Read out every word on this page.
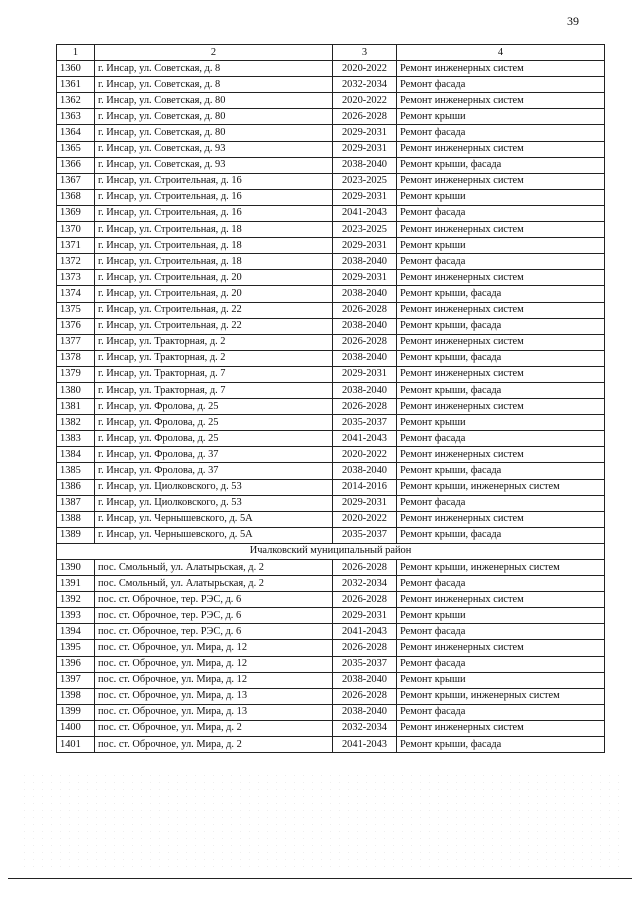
39
1	2	3	4
1360	г. Инсар, ул. Советская, д. 8	2020-2022	Ремонт инженерных систем
1361	г. Инсар, ул. Советская, д. 8	2032-2034	Ремонт фасада
1362	г. Инсар, ул. Советская, д. 80	2020-2022	Ремонт инженерных систем
1363	г. Инсар, ул. Советская, д. 80	2026-2028	Ремонт крыши
1364	г. Инсар, ул. Советская, д. 80	2029-2031	Ремонт фасада
1365	г. Инсар, ул. Советская, д. 93	2029-2031	Ремонт инженерных систем
1366	г. Инсар, ул. Советская, д. 93	2038-2040	Ремонт крыши, фасада
1367	г. Инсар, ул. Строительная, д. 16	2023-2025	Ремонт инженерных систем
1368	г. Инсар, ул. Строительная, д. 16	2029-2031	Ремонт крыши
1369	г. Инсар, ул. Строительная, д. 16	2041-2043	Ремонт фасада
1370	г. Инсар, ул. Строительная, д. 18	2023-2025	Ремонт инженерных систем
1371	г. Инсар, ул. Строительная, д. 18	2029-2031	Ремонт крыши
1372	г. Инсар, ул. Строительная, д. 18	2038-2040	Ремонт фасада
1373	г. Инсар, ул. Строительная, д. 20	2029-2031	Ремонт инженерных систем
1374	г. Инсар, ул. Строительная, д. 20	2038-2040	Ремонт крыши, фасада
1375	г. Инсар, ул. Строительная, д. 22	2026-2028	Ремонт инженерных систем
1376	г. Инсар, ул. Строительная, д. 22	2038-2040	Ремонт крыши, фасада
1377	г. Инсар, ул. Тракторная, д. 2	2026-2028	Ремонт инженерных систем
1378	г. Инсар, ул. Тракторная, д. 2	2038-2040	Ремонт крыши, фасада
1379	г. Инсар, ул. Тракторная, д. 7	2029-2031	Ремонт инженерных систем
1380	г. Инсар, ул. Тракторная, д. 7	2038-2040	Ремонт крыши, фасада
1381	г. Инсар, ул. Фролова, д. 25	2026-2028	Ремонт инженерных систем
1382	г. Инсар, ул. Фролова, д. 25	2035-2037	Ремонт крыши
1383	г. Инсар, ул. Фролова, д. 25	2041-2043	Ремонт фасада
1384	г. Инсар, ул. Фролова, д. 37	2020-2022	Ремонт инженерных систем
1385	г. Инсар, ул. Фролова, д. 37	2038-2040	Ремонт крыши, фасада
1386	г. Инсар, ул. Циолковского, д. 53	2014-2016	Ремонт крыши, инженерных систем
1387	г. Инсар, ул. Циолковского, д. 53	2029-2031	Ремонт фасада
1388	г. Инсар, ул. Чернышевского, д. 5А	2020-2022	Ремонт инженерных систем
1389	г. Инсар, ул. Чернышевского, д. 5А	2035-2037	Ремонт крыши, фасада
Ичалковский муниципальный район			
1390	пос. Смольный, ул. Алатырьская, д. 2	2026-2028	Ремонт крыши, инженерных систем
1391	пос. Смольный, ул. Алатырьская, д. 2	2032-2034	Ремонт фасада
1392	пос. ст. Оброчное, тер. РЭС, д. 6	2026-2028	Ремонт инженерных систем
1393	пос. ст. Оброчное, тер. РЭС, д. 6	2029-2031	Ремонт крыши
1394	пос. ст. Оброчное, тер. РЭС, д. 6	2041-2043	Ремонт фасада
1395	пос. ст. Оброчное, ул. Мира, д. 12	2026-2028	Ремонт инженерных систем
1396	пос. ст. Оброчное, ул. Мира, д. 12	2035-2037	Ремонт фасада
1397	пос. ст. Оброчное, ул. Мира, д. 12	2038-2040	Ремонт крыши
1398	пос. ст. Оброчное, ул. Мира, д. 13	2026-2028	Ремонт крыши, инженерных систем
1399	пос. ст. Оброчное, ул. Мира, д. 13	2038-2040	Ремонт фасада
1400	пос. ст. Оброчное, ул. Мира, д. 2	2032-2034	Ремонт инженерных систем
1401	пос. ст. Оброчное, ул. Мира, д. 2	2041-2043	Ремонт крыши, фасада
